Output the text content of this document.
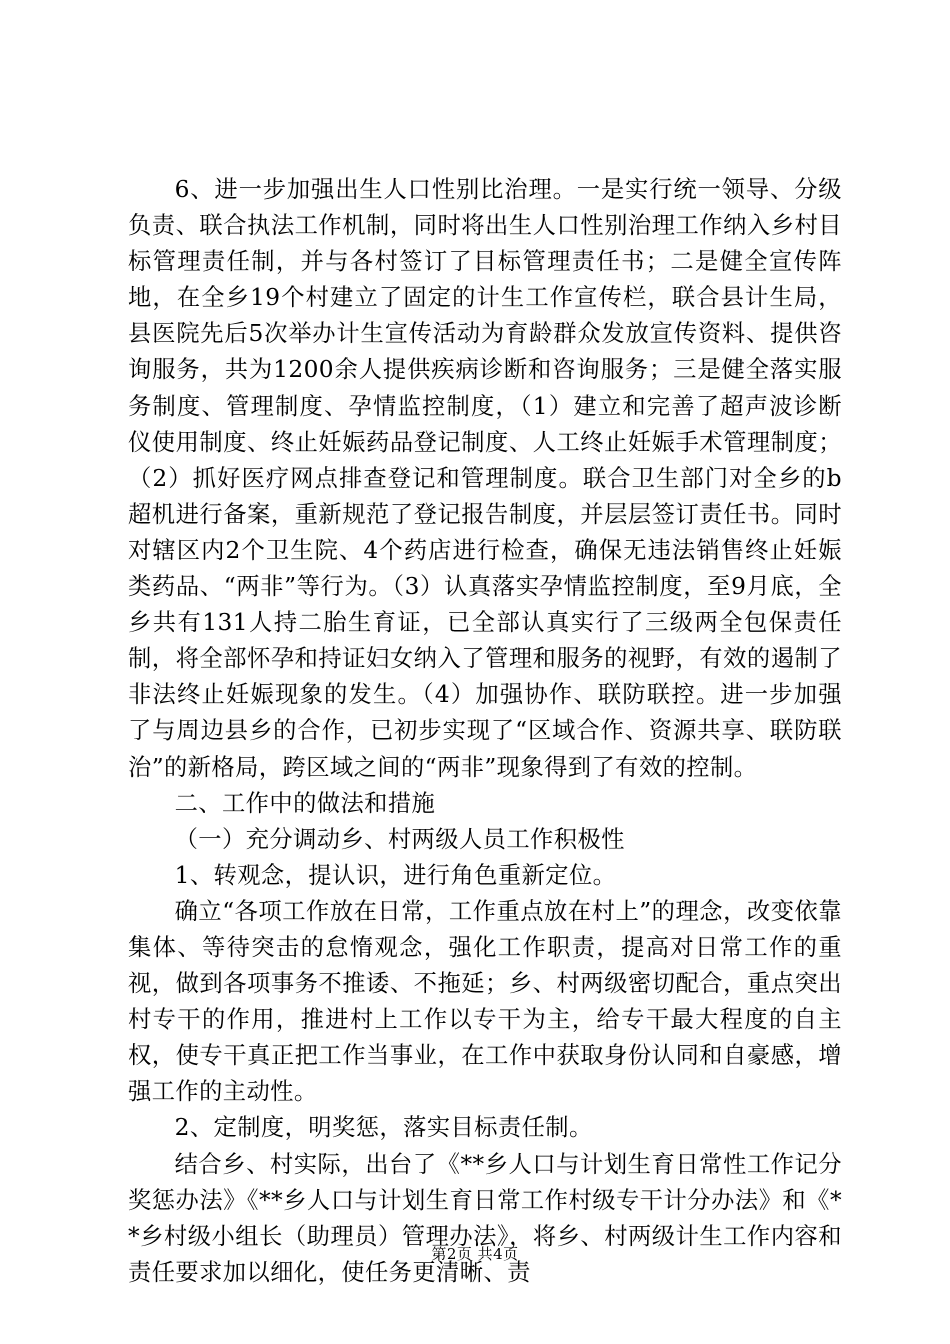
6、进一步加强出生人口性别比治理。一是实行统一领导、分级负责、联合执法工作机制，同时将出生人口性别治理工作纳入乡村目标管理责任制，并与各村签订了目标管理责任书；二是健全宣传阵地，在全乡19个村建立了固定的计生工作宣传栏，联合县计生局，县医院先后5次举办计生宣传活动为育龄群众发放宣传资料、提供咨询服务，共为1200余人提供疾病诊断和咨询服务；三是健全落实服务制度、管理制度、孕情监控制度，（1）建立和完善了超声波诊断仪使用制度、终止妊娠药品登记制度、人工终止妊娠手术管理制度；（2）抓好医疗网点排查登记和管理制度。联合卫生部门对全乡的b超机进行备案，重新规范了登记报告制度，并层层签订责任书。同时对辖区内2个卫生院、4个药店进行检查，确保无违法销售终止妊娠类药品、“两非”等行为。（3）认真落实孕情监控制度，至9月底，全乡共有131人持二胎生育证，已全部认真实行了三级两全包保责任制，将全部怀孕和持证妇女纳入了管理和服务的视野，有效的遏制了非法终止妊娠现象的发生。（4）加强协作、联防联控。进一步加强了与周边县乡的合作，已初步实现了“区域合作、资源共享、联防联治”的新格局，跨区域之间的“两非”现象得到了有效的控制。

二、工作中的做法和措施

（一）充分调动乡、村两级人员工作积极性

1、转观念，提认识，进行角色重新定位。

确立“各项工作放在日常，工作重点放在村上”的理念，改变依靠集体、等待突击的怠惰观念，强化工作职责，提高对日常工作的重视，做到各项事务不推诿、不拖延；乡、村两级密切配合，重点突出村专干的作用，推进村上工作以专干为主，给专干最大程度的自主权，使专干真正把工作当事业，在工作中获取身份认同和自豪感，增强工作的主动性。

2、定制度，明奖惩，落实目标责任制。

结合乡、村实际，出台了《**乡人口与计划生育日常性工作记分奖惩办法》《**乡人口与计划生育日常工作村级专干计分办法》和《**乡村级小组长（助理员）管理办法》，将乡、村两级计生工作内容和责任要求加以细化，使任务更清晰、责

第2页 共4页
